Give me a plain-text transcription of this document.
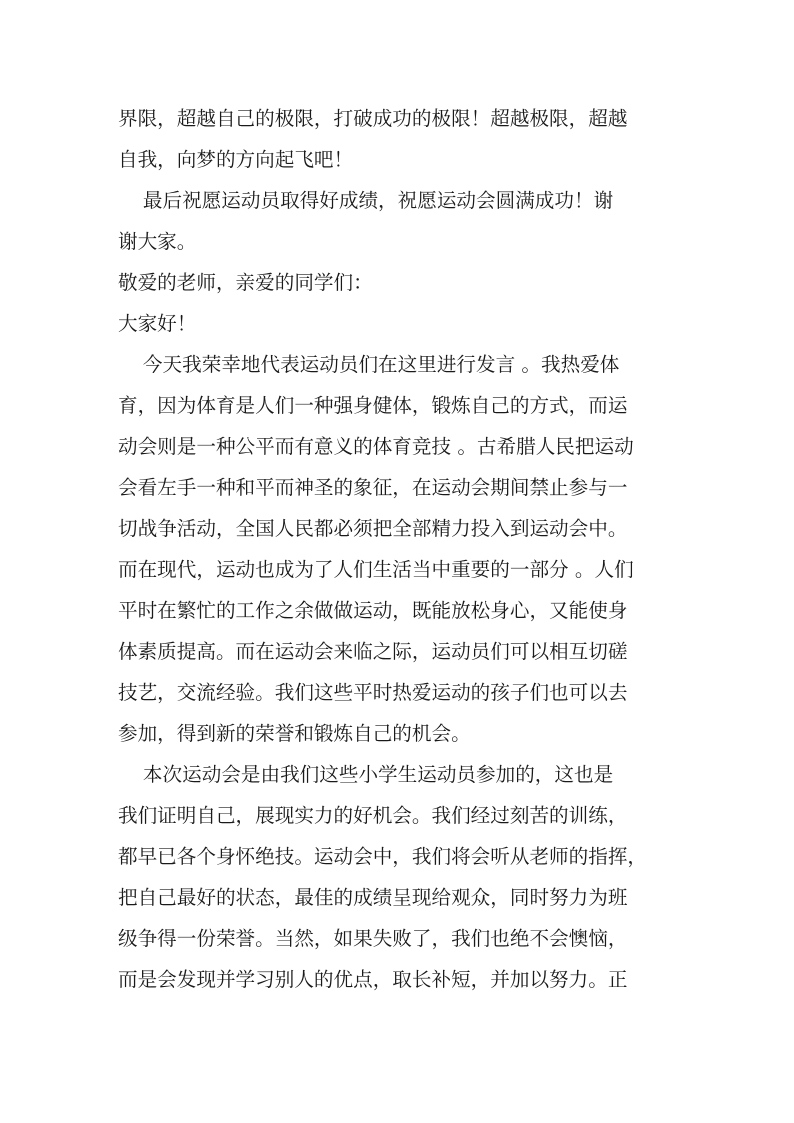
界限，超越自己的极限，打破成功的极限！超越极限，超越
自我，向梦的方向起飞吧！
最后祝愿运动员取得好成绩，祝愿运动会圆满成功！谢
谢大家。
敬爱的老师，亲爱的同学们：
大家好！
今天我荣幸地代表运动员们在这里进行发言 。我热爱体
育，因为体育是人们一种强身健体，锻炼自己的方式，而运
动会则是一种公平而有意义的体育竞技 。古希腊人民把运动
会看左手一种和平而神圣的象征，在运动会期间禁止参与一
切战争活动，全国人民都必须把全部精力投入到运动会中。
而在现代，运动也成为了人们生活当中重要的一部分 。人们
平时在繁忙的工作之余做做运动，既能放松身心，又能使身
体素质提高。而在运动会来临之际，运动员们可以相互切磋
技艺，交流经验。我们这些平时热爱运动的孩子们也可以去
参加，得到新的荣誉和锻炼自己的机会。
本次运动会是由我们这些小学生运动员参加的，这也是
我们证明自己，展现实力的好机会。我们经过刻苦的训练，
都早已各个身怀绝技。运动会中，我们将会听从老师的指挥，
把自己最好的状态，最佳的成绩呈现给观众，同时努力为班
级争得一份荣誉。当然，如果失败了，我们也绝不会懊恼，
而是会发现并学习别人的优点，取长补短，并加以努力。正
